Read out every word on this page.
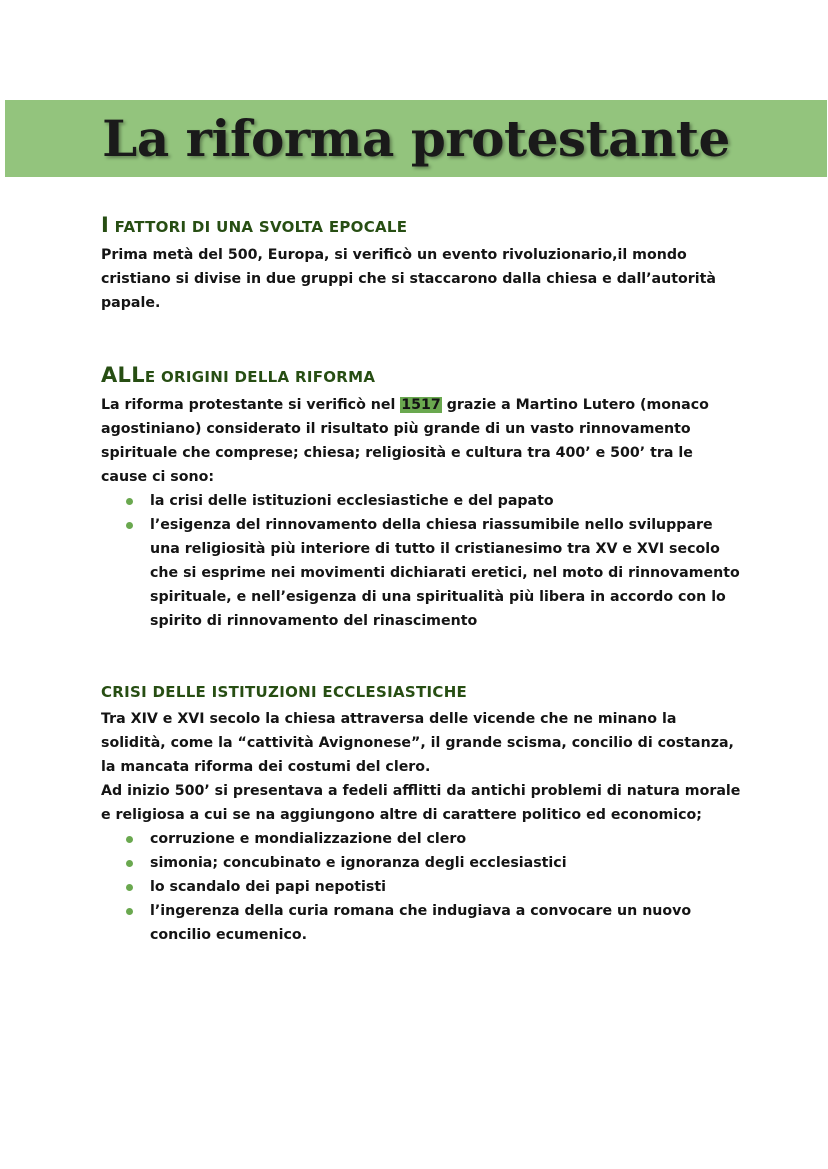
La riforma protestante
I FATTORI DI UNA SVOLTA EPOCALE

Prima metà del 500, Europa, si verificò un evento rivoluzionario,il mondo cristiano si divise in due gruppi che si staccarono dalla chiesa e dall’autorità papale.

ALLE ORIGINI DELLA RIFORMA

La riforma protestante si verificò nel 1517 grazie a Martino Lutero (monaco agostiniano) considerato il risultato più grande di un vasto rinnovamento spirituale che comprese; chiesa; religiosità e cultura tra 400’ e 500’ tra le cause ci sono:

la crisi delle istituzioni ecclesiastiche e del papato
l’esigenza del rinnovamento della chiesa riassumibile nello sviluppare una religiosità più interiore di tutto il cristianesimo tra XV e XVI secolo che si esprime nei movimenti dichiarati eretici, nel moto di rinnovamento spirituale, e nell’esigenza di una spiritualità più libera in accordo con lo spirito di rinnovamento del rinascimento
CRISI DELLE ISTITUZIONI ECCLESIASTICHE

Tra XIV e XVI secolo la chiesa attraversa delle vicende che ne minano la solidità, come la “cattività Avignonese”, il grande scisma, concilio di costanza, la mancata riforma dei costumi del clero.

Ad inizio 500’ si presentava a fedeli afflitti da antichi problemi di natura morale e religiosa a cui se na aggiungono altre di carattere politico ed economico;

corruzione e mondializzazione del clero
simonia; concubinato e ignoranza degli ecclesiastici
lo scandalo dei papi nepotisti
l’ingerenza della curia romana che indugiava a convocare un nuovo concilio ecumenico.
